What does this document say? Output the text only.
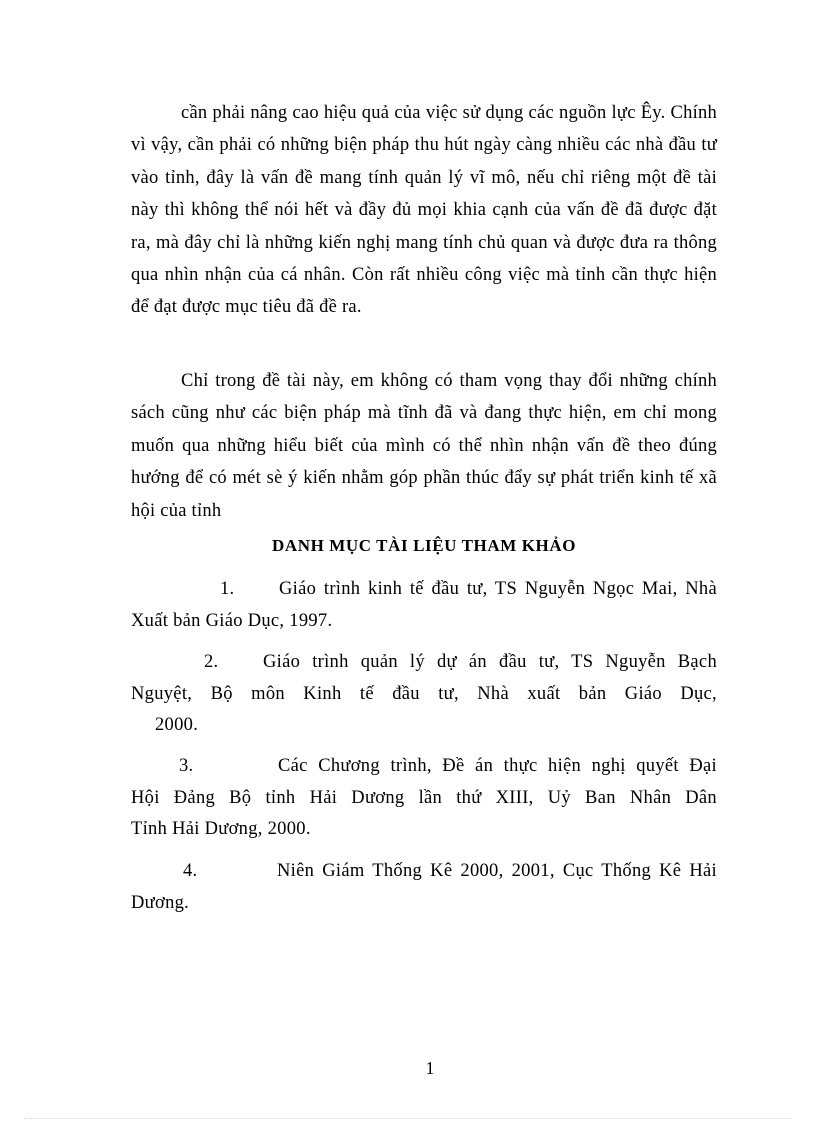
cần phải nâng cao hiệu quả của việc sử dụng các nguồn lực Êy. Chính vì vậy, cần phải có những biện pháp thu hút ngày càng nhiều các nhà đầu tư vào tỉnh, đây là vấn đề mang tính quản lý vĩ mô, nếu chỉ riêng một đề tài này thì không thể nói hết và đầy đủ mọi khia cạnh của vấn đề đã được đặt ra, mà đây chỉ là những kiến nghị mang tính chủ quan và được đưa ra thông qua nhìn nhận của cá nhân. Còn rất nhiều công việc mà tỉnh cần thực hiện để đạt được mục tiêu đã đề ra.

Chỉ trong đề tài này, em không có tham vọng thay đổi những chính sách cũng như các biện pháp mà tĩnh đã và đang thực hiện, em chỉ mong muốn qua những hiểu biết của mình có thể nhìn nhận vấn đề theo đúng hướng để có mét sè ý kiến nhằm góp phần thúc đẩy sự phát triển kinh tế xã hội của tỉnh

DANH MỤC TÀI LIỆU THAM KHẢO

1.	Giáo trình kinh tế đầu tư, TS Nguyễn Ngọc Mai, Nhà
Xuất bản Giáo Dục, 1997.
2.	Giáo trình quản lý dự án đầu tư, TS Nguyễn Bạch
Nguyệt, Bộ môn Kinh tế đầu tư, Nhà xuất bản Giáo Dục,
2000.
3.	Các Chương trình, Đề án thực hiện nghị quyết Đại
Hội Đảng Bộ tỉnh Hải Dương lần thứ XIII, Uỷ Ban Nhân Dân
Tỉnh Hải Dương, 2000.
4.	Niên Giám Thống Kê 2000, 2001, Cục Thống Kê Hải
Dương.

1
